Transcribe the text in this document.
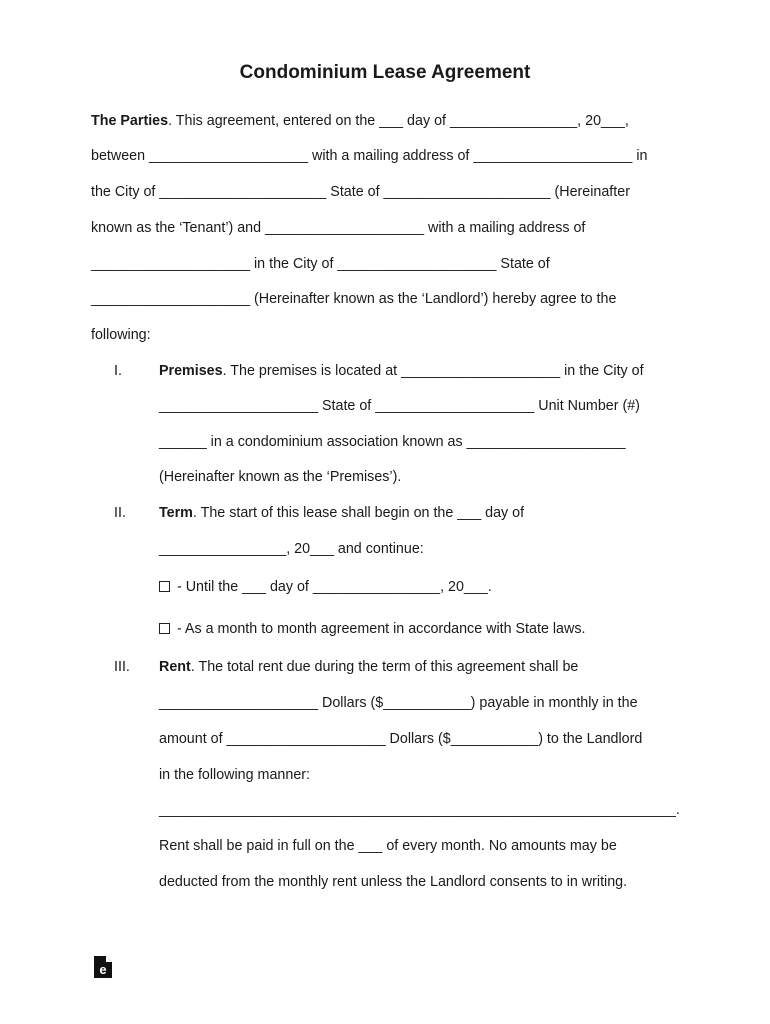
Condominium Lease Agreement
The Parties. This agreement, entered on the ___ day of ________________, 20___,
between ____________________ with a mailing address of ____________________ in
the City of _____________________ State of _____________________ (Hereinafter
known as the ‘Tenant’) and ____________________ with a mailing address of
____________________ in the City of ____________________ State of
____________________ (Hereinafter known as the ‘Landlord’) hereby agree to the
following:
I.	Premises. The premises is located at ____________________ in the City of
____________________ State of ____________________ Unit Number (#)
______ in a condominium association known as ____________________
(Hereinafter known as the ‘Premises’).
II. Term. The start of this lease shall begin on the ___ day of
________________, 20___ and continue:
- Until the ___ day of ________________, 20___.
- As a month to month agreement in accordance with State laws.
III. Rent. The total rent due during the term of this agreement shall be
____________________ Dollars ($___________) payable in monthly in the
amount of ____________________ Dollars ($___________) to the Landlord
in the following manner:
_________________________________________________________________.
Rent shall be paid in full on the ___ of every month. No amounts may be
deducted from the monthly rent unless the Landlord consents to in writing.
e
